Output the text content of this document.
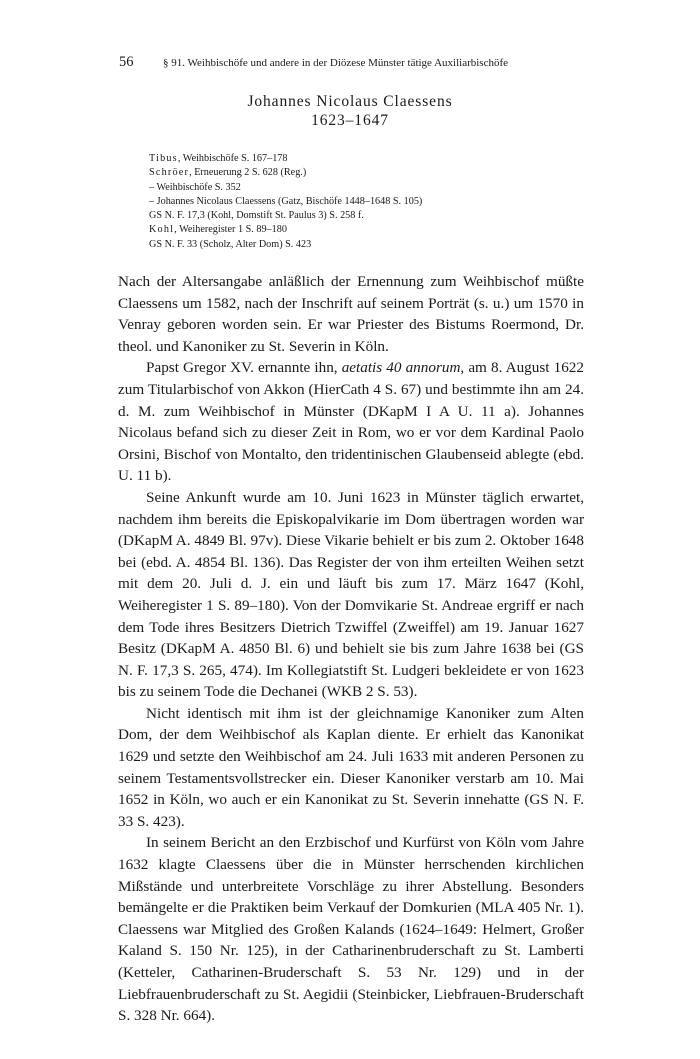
56	§ 91. Weihbischöfe und andere in der Diözese Münster tätige Auxiliarbischöfe
Johannes Nicolaus Claessens
1623–1647
Tibus, Weihbischöfe S. 167–178
Schröer, Erneuerung 2 S. 628 (Reg.)
– Weihbischöfe S. 352
– Johannes Nicolaus Claessens (Gatz, Bischöfe 1448–1648 S. 105)
GS N. F. 17,3 (Kohl, Domstift St. Paulus 3) S. 258 f.
Kohl, Weiheregister 1 S. 89–180
GS N. F. 33 (Scholz, Alter Dom) S. 423

Nach der Altersangabe anläßlich der Ernennung zum Weihbischof müßte Claessens um 1582, nach der Inschrift auf seinem Porträt (s. u.) um 1570 in Venray geboren worden sein. Er war Priester des Bistums Roermond, Dr. theol. und Kanoniker zu St. Severin in Köln.

Papst Gregor XV. ernannte ihn, aetatis 40 annorum, am 8. August 1622 zum Titularbischof von Akkon (HierCath 4 S. 67) und bestimmte ihn am 24. d. M. zum Weihbischof in Münster (DKapM I A U. 11 a). Johannes Nicolaus befand sich zu dieser Zeit in Rom, wo er vor dem Kardinal Paolo Orsini, Bischof von Montalto, den tridentinischen Glaubenseid ablegte (ebd. U. 11 b).

Seine Ankunft wurde am 10. Juni 1623 in Münster täglich erwartet, nachdem ihm bereits die Episkopalvikarie im Dom übertragen worden war (DKapM A. 4849 Bl. 97v). Diese Vikarie behielt er bis zum 2. Oktober 1648 bei (ebd. A. 4854 Bl. 136). Das Register der von ihm erteilten Weihen setzt mit dem 20. Juli d. J. ein und läuft bis zum 17. März 1647 (Kohl, Weiheregister 1 S. 89–180). Von der Domvikarie St. Andreae ergriff er nach dem Tode ihres Besitzers Dietrich Tzwiffel (Zweiffel) am 19. Januar 1627 Besitz (DKapM A. 4850 Bl. 6) und behielt sie bis zum Jahre 1638 bei (GS N. F. 17,3 S. 265, 474). Im Kollegiatstift St. Ludgeri bekleidete er von 1623 bis zu seinem Tode die Dechanei (WKB 2 S. 53).

Nicht identisch mit ihm ist der gleichnamige Kanoniker zum Alten Dom, der dem Weihbischof als Kaplan diente. Er erhielt das Kanonikat 1629 und setzte den Weihbischof am 24. Juli 1633 mit anderen Personen zu seinem Testamentsvollstrecker ein. Dieser Kanoniker verstarb am 10. Mai 1652 in Köln, wo auch er ein Kanonikat zu St. Severin innehatte (GS N. F. 33 S. 423).

In seinem Bericht an den Erzbischof und Kurfürst von Köln vom Jahre 1632 klagte Claessens über die in Münster herrschenden kirchlichen Mißstände und unterbreitete Vorschläge zu ihrer Abstellung. Besonders bemängelte er die Praktiken beim Verkauf der Domkurien (MLA 405 Nr. 1). Claessens war Mitglied des Großen Kalands (1624–1649: Helmert, Großer Kaland S. 150 Nr. 125), in der Catharinenbruderschaft zu St. Lamberti (Ketteler, Catharinen-Bruderschaft S. 53 Nr. 129) und in der Liebfrauenbruderschaft zu St. Aegidii (Steinbicker, Liebfrauen-Bruderschaft S. 328 Nr. 664).
